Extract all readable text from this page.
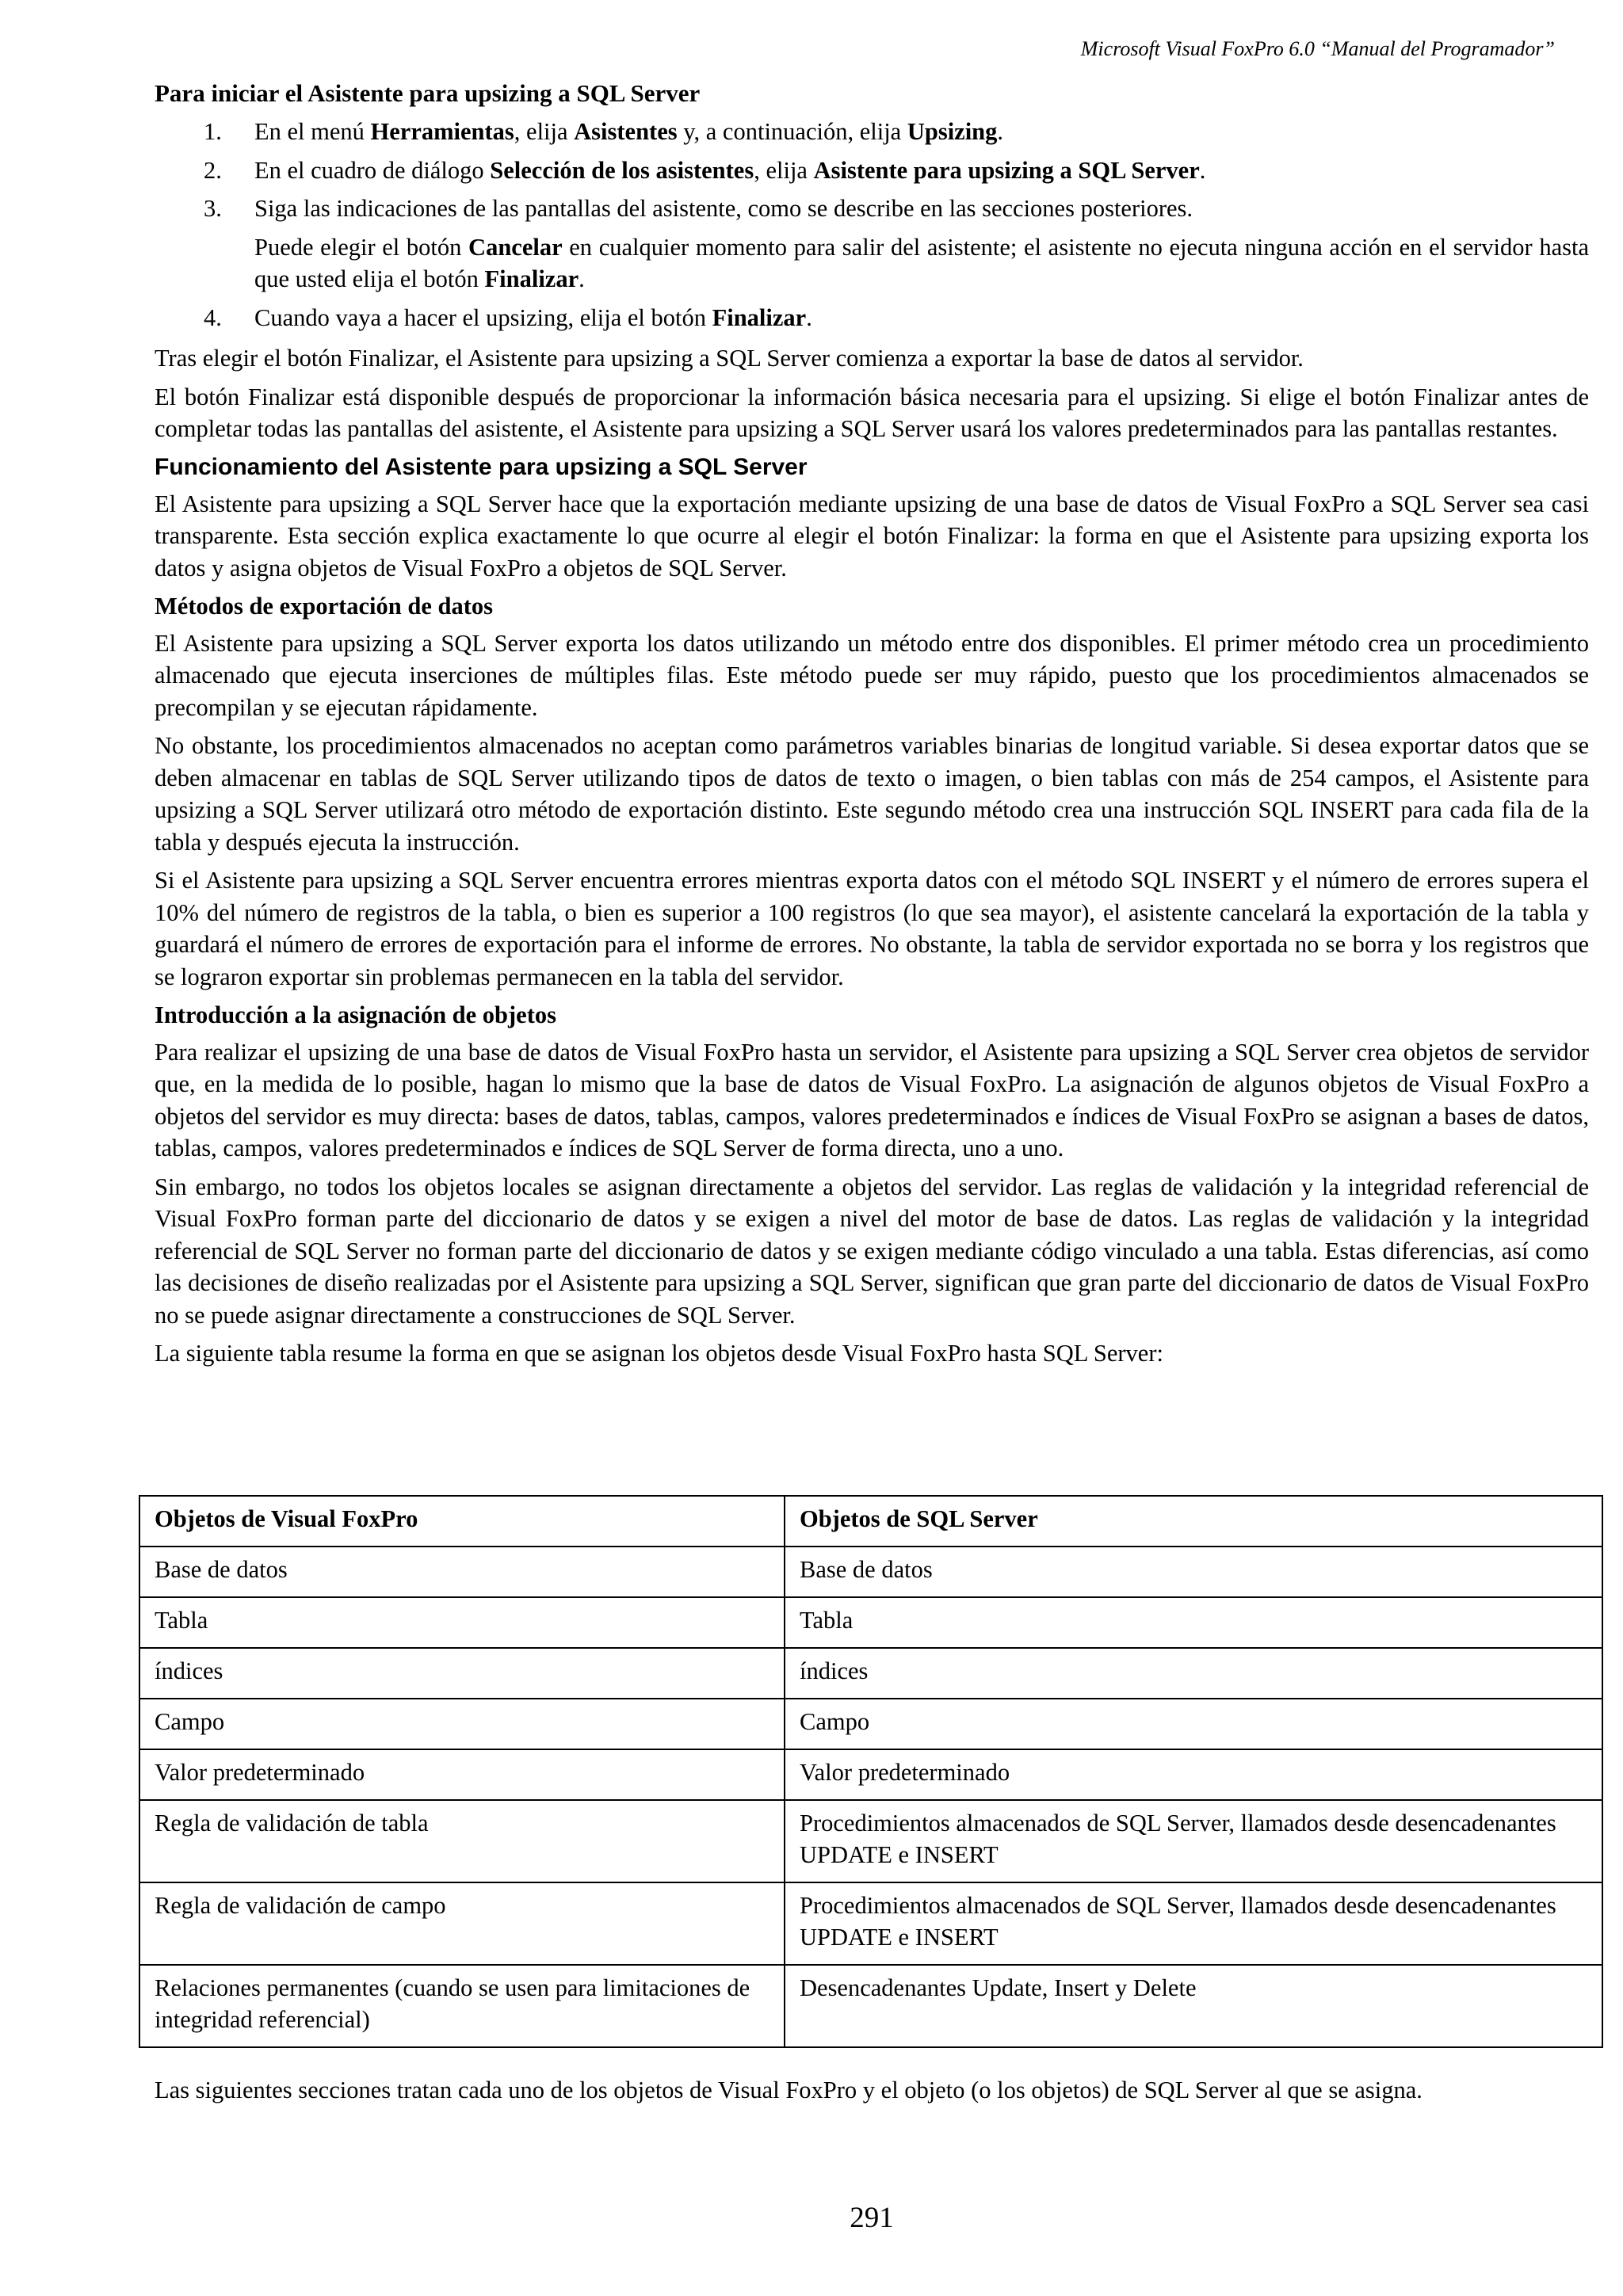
Microsoft Visual FoxPro 6.0 “Manual del Programador”
Para iniciar el Asistente para upsizing a SQL Server
1. En el menú Herramientas, elija Asistentes y, a continuación, elija Upsizing.
2. En el cuadro de diálogo Selección de los asistentes, elija Asistente para upsizing a SQL Server.
3. Siga las indicaciones de las pantallas del asistente, como se describe en las secciones posteriores.
Puede elegir el botón Cancelar en cualquier momento para salir del asistente; el asistente no ejecuta ninguna acción en el servidor hasta que usted elija el botón Finalizar.
4. Cuando vaya a hacer el upsizing, elija el botón Finalizar.

Tras elegir el botón Finalizar, el Asistente para upsizing a SQL Server comienza a exportar la base de datos al servidor.

El botón Finalizar está disponible después de proporcionar la información básica necesaria para el upsizing. Si elige el botón Finalizar antes de completar todas las pantallas del asistente, el Asistente para upsizing a SQL Server usará los valores predeterminados para las pantallas restantes.

Funcionamiento del Asistente para upsizing a SQL Server

El Asistente para upsizing a SQL Server hace que la exportación mediante upsizing de una base de datos de Visual FoxPro a SQL Server sea casi transparente. Esta sección explica exactamente lo que ocurre al elegir el botón Finalizar: la forma en que el Asistente para upsizing exporta los datos y asigna objetos de Visual FoxPro a objetos de SQL Server.

Métodos de exportación de datos

El Asistente para upsizing a SQL Server exporta los datos utilizando un método entre dos disponibles. El primer método crea un procedimiento almacenado que ejecuta inserciones de múltiples filas. Este método puede ser muy rápido, puesto que los procedimientos almacenados se precompilan y se ejecutan rápidamente.

No obstante, los procedimientos almacenados no aceptan como parámetros variables binarias de longitud variable. Si desea exportar datos que se deben almacenar en tablas de SQL Server utilizando tipos de datos de texto o imagen, o bien tablas con más de 254 campos, el Asistente para upsizing a SQL Server utilizará otro método de exportación distinto. Este segundo método crea una instrucción SQL INSERT para cada fila de la tabla y después ejecuta la instrucción.

Si el Asistente para upsizing a SQL Server encuentra errores mientras exporta datos con el método SQL INSERT y el número de errores supera el 10% del número de registros de la tabla, o bien es superior a 100 registros (lo que sea mayor), el asistente cancelará la exportación de la tabla y guardará el número de errores de exportación para el informe de errores. No obstante, la tabla de servidor exportada no se borra y los registros que se lograron exportar sin problemas permanecen en la tabla del servidor.

Introducción a la asignación de objetos

Para realizar el upsizing de una base de datos de Visual FoxPro hasta un servidor, el Asistente para upsizing a SQL Server crea objetos de servidor que, en la medida de lo posible, hagan lo mismo que la base de datos de Visual FoxPro. La asignación de algunos objetos de Visual FoxPro a objetos del servidor es muy directa: bases de datos, tablas, campos, valores predeterminados e índices de Visual FoxPro se asignan a bases de datos, tablas, campos, valores predeterminados e índices de SQL Server de forma directa, uno a uno.

Sin embargo, no todos los objetos locales se asignan directamente a objetos del servidor. Las reglas de validación y la integridad referencial de Visual FoxPro forman parte del diccionario de datos y se exigen a nivel del motor de base de datos. Las reglas de validación y la integridad referencial de SQL Server no forman parte del diccionario de datos y se exigen mediante código vinculado a una tabla. Estas diferencias, así como las decisiones de diseño realizadas por el Asistente para upsizing a SQL Server, significan que gran parte del diccionario de datos de Visual FoxPro no se puede asignar directamente a construcciones de SQL Server.

La siguiente tabla resume la forma en que se asignan los objetos desde Visual FoxPro hasta SQL Server:

Objetos de Visual FoxPro	Objetos de SQL Server
Base de datos	Base de datos
Tabla	Tabla
índices	índices
Campo	Campo
Valor predeterminado	Valor predeterminado
Regla de validación de tabla	Procedimientos almacenados de SQL Server, llamados desde desencadenantes UPDATE e INSERT
Regla de validación de campo	Procedimientos almacenados de SQL Server, llamados desde desencadenantes UPDATE e INSERT
Relaciones permanentes (cuando se usen para limitaciones de integridad referencial)	Desencadenantes Update, Insert y Delete

Las siguientes secciones tratan cada uno de los objetos de Visual FoxPro y el objeto (o los objetos) de SQL Server al que se asigna.

291
